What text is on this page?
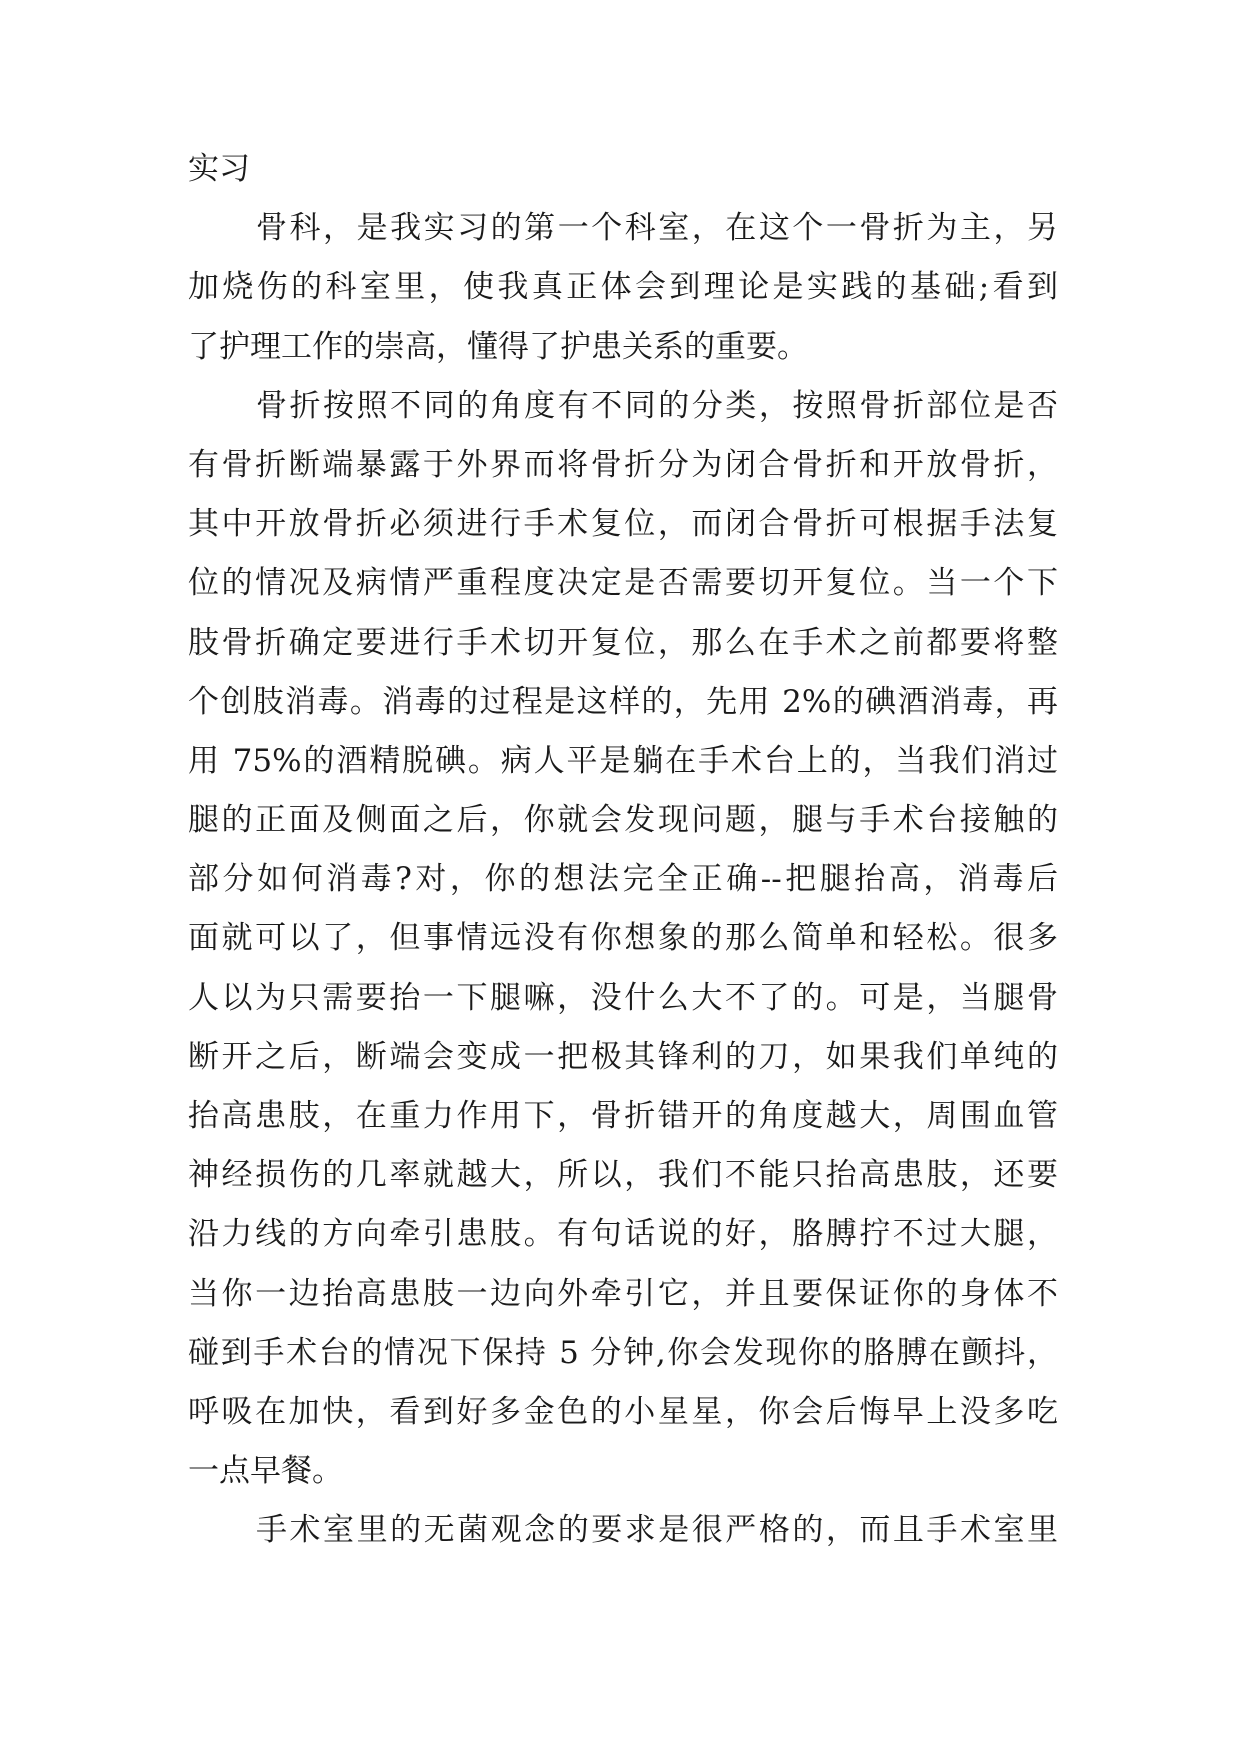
实习
骨科，是我实习的第一个科室，在这个一骨折为主，另
加烧伤的科室里，使我真正体会到理论是实践的基础;看到
了护理工作的崇高，懂得了护患关系的重要。
骨折按照不同的角度有不同的分类，按照骨折部位是否
有骨折断端暴露于外界而将骨折分为闭合骨折和开放骨折，
其中开放骨折必须进行手术复位，而闭合骨折可根据手法复
位的情况及病情严重程度决定是否需要切开复位。当一个下
肢骨折确定要进行手术切开复位，那么在手术之前都要将整
个创肢消毒。消毒的过程是这样的，先用 2%的碘酒消毒，再
用 75%的酒精脱碘。病人平是躺在手术台上的，当我们消过
腿的正面及侧面之后，你就会发现问题，腿与手术台接触的
部分如何消毒?对，你的想法完全正确--把腿抬高，消毒后
面就可以了，但事情远没有你想象的那么简单和轻松。很多
人以为只需要抬一下腿嘛，没什么大不了的。可是，当腿骨
断开之后，断端会变成一把极其锋利的刀，如果我们单纯的
抬高患肢，在重力作用下，骨折错开的角度越大，周围血管
神经损伤的几率就越大，所以，我们不能只抬高患肢，还要
沿力线的方向牵引患肢。有句话说的好，胳膊拧不过大腿，
当你一边抬高患肢一边向外牵引它，并且要保证你的身体不
碰到手术台的情况下保持 5 分钟,你会发现你的胳膊在颤抖，
呼吸在加快，看到好多金色的小星星，你会后悔早上没多吃
一点早餐。
手术室里的无菌观念的要求是很严格的，而且手术室里
